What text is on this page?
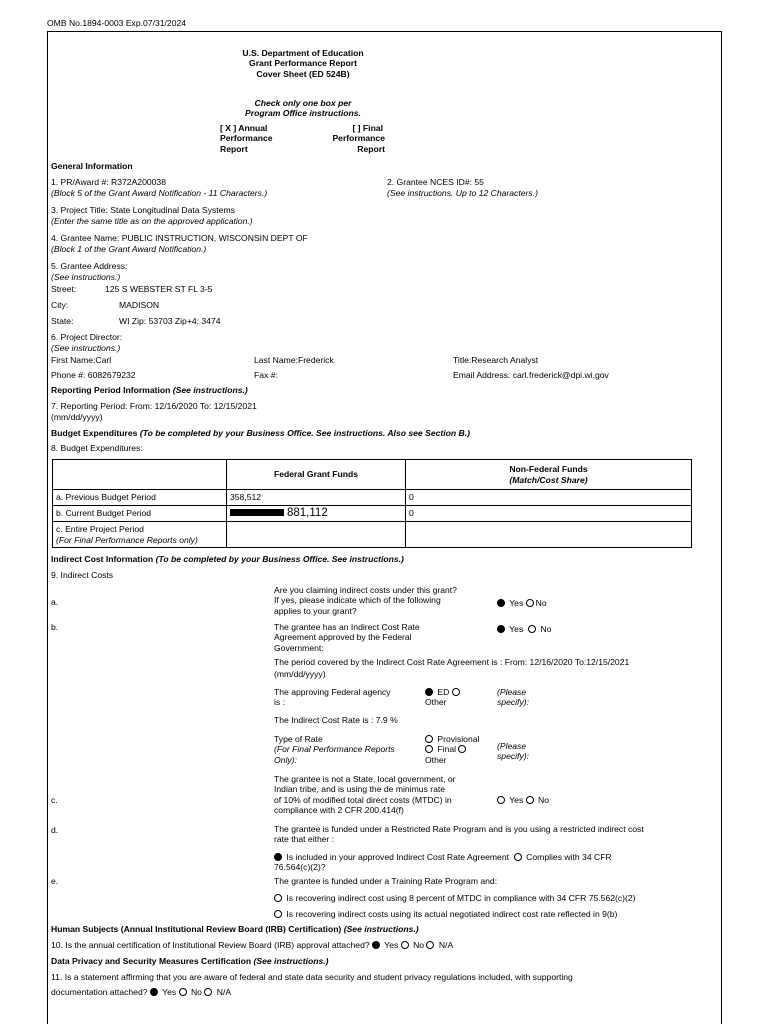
OMB No.1894-0003 Exp.07/31/2024
U.S. Department of Education
Grant Performance Report
Cover Sheet (ED 524B)
Check only one box per
Program Office instructions.
[ X ] Annual
Performance
Report
[ ] Final
Performance
Report
General Information
1. PR/Award #: R372A200038
(Block 5 of the Grant Award Notification - 11 Characters.)
2. Grantee NCES ID#: 55
(See instructions. Up to 12 Characters.)
3. Project Title: State Longitudinal Data Systems
(Enter the same title as on the approved application.)
4. Grantee Name: PUBLIC INSTRUCTION, WISCONSIN DEPT OF
(Block 1 of the Grant Award Notification.)
5. Grantee Address:
(See instructions.)
Street:	125 S WEBSTER ST FL 3-5
City:	MADISON
State:	WI Zip: 53703 Zip+4: 3474
6. Project Director:
(See instructions.)
First Name:Carl	Last Name:Frederick	Title:Research Analyst
Phone #: 6082679232	Fax #:	Email Address: carl.frederick@dpi.wi.gov
Reporting Period Information (See instructions.)
7. Reporting Period: From: 12/16/2020 To: 12/15/2021
(mm/dd/yyyy)
Budget Expenditures (To be completed by your Business Office. See instructions. Also see Section B.)
8. Budget Expenditures:
	Federal Grant Funds	Non-Federal Funds
(Match/Cost Share)

a. Previous Budget Period	358,512	0
b. Current Budget Period	881,112	0

c. Entire Project Period
(For Final Performance Reports only)		

Indirect Cost Information (To be completed by your Business Office. See instructions.)
9. Indirect Costs
a.
Are you claiming indirect costs under this grant?
If yes, please indicate which of the following
applies to your grant?
Yes No
b.	The grantee has an Indirect Cost Rate
Agreement approved by the Federal
Government:
Yes No
The period covered by the Indirect Cost Rate Agreement is : From: 12/16/2020 To:12/15/2021
(mm/dd/yyyy)
The approving Federal agency
is :
ED
Other
(Please
specify):
The Indirect Cost Rate is : 7.9 %
Type of Rate
(For Final Performance Reports
Only):
Provisional
Final
Other
(Please
specify):
c.
The grantee is not a State, local government, or
Indian tribe, and is using the de minimus rate
of 10% of modified total direct costs (MTDC) in
compliance with 2 CFR 200.414(f)
Yes No
d.	The grantee is funded under a Restricted Rate Program and is you using a restricted indirect cost
rate that either :
Is included in your approved Indirect Cost Rate Agreement Complies with 34 CFR
76.564(c)(2)?
e.	The grantee is funded under a Training Rate Program and:
Is recovering indirect cost using 8 percent of MTDC in compliance with 34 CFR 75.562(c)(2)
Is recovering indirect costs using its actual negotiated indirect cost rate reflected in 9(b)
Human Subjects (Annual Institutional Review Board (IRB) Certification) (See instructions.)
10. Is the annual certification of Institutional Review Board (IRB) approval attached? Yes No N/A
Data Privacy and Security Measures Certification (See instructions.)
11. Is a statement affirming that you are aware of federal and state data security and student privacy regulations included, with supporting
documentation attached? Yes No N/A
